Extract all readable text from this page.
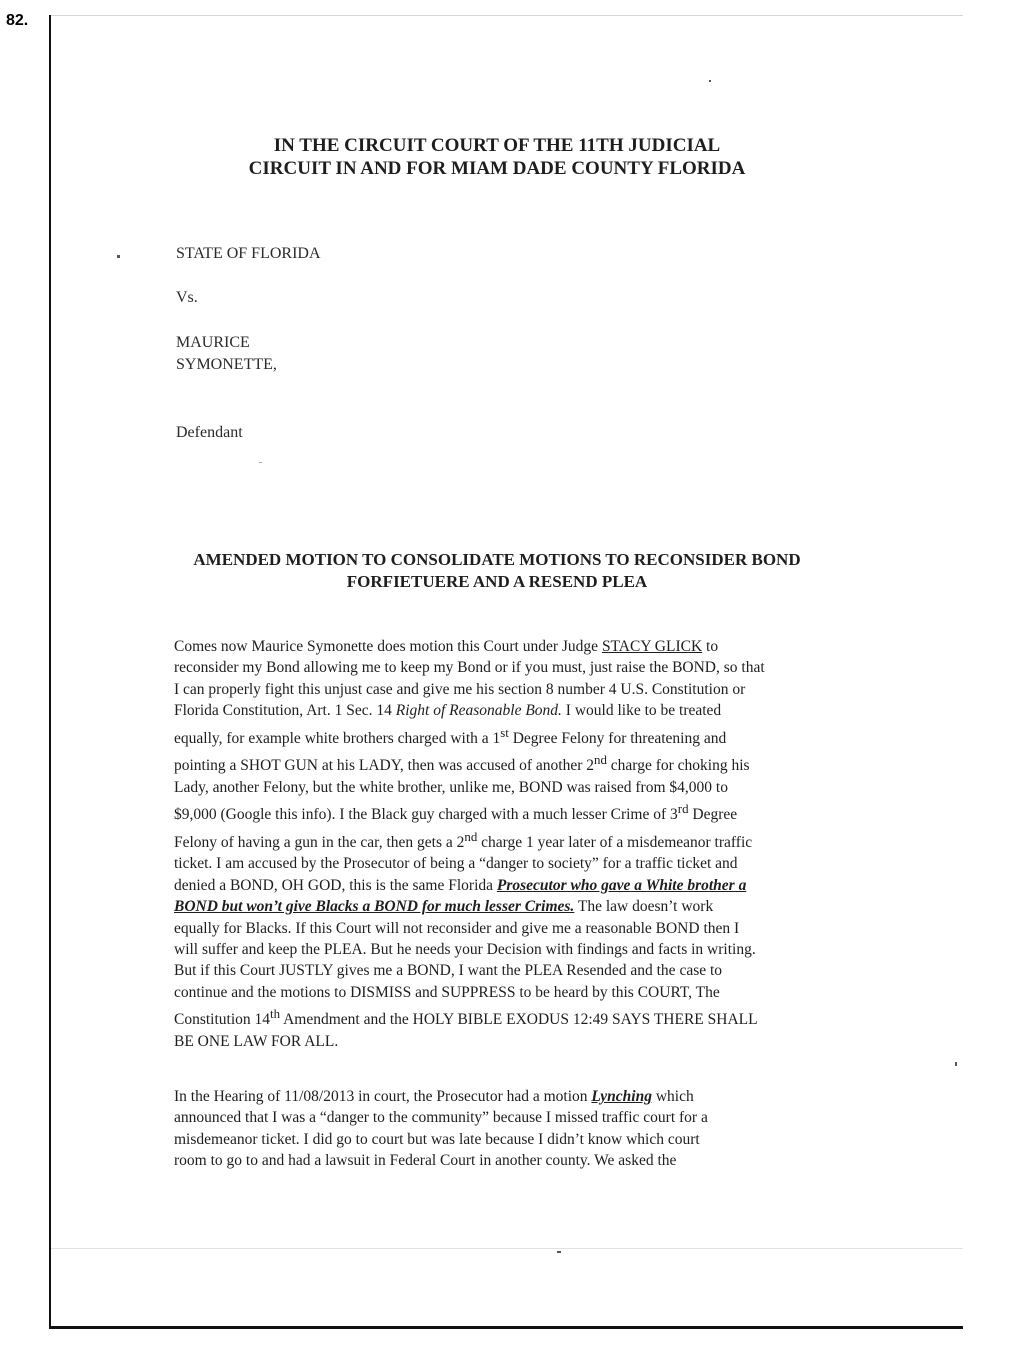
82.
IN THE CIRCUIT COURT OF THE 11TH JUDICIAL
CIRCUIT IN AND FOR MIAM DADE COUNTY FLORIDA
STATE OF FLORIDA
Vs.
MAURICE
SYMONETTE,
Defendant
AMENDED MOTION TO CONSOLIDATE MOTIONS TO RECONSIDER BOND
FORFIETUERE AND A RESEND PLEA
Comes now Maurice Symonette does motion this Court under Judge STACY GLICK to
reconsider my Bond allowing me to keep my Bond or if you must, just raise the BOND, so that
I can properly fight this unjust case and give me his section 8 number 4 U.S. Constitution or
Florida Constitution, Art. 1 Sec. 14 Right of Reasonable Bond. I would like to be treated
equally, for example white brothers charged with a 1st Degree Felony for threatening and
pointing a SHOT GUN at his LADY, then was accused of another 2nd charge for choking his
Lady, another Felony, but the white brother, unlike me, BOND was raised from $4,000 to
$9,000 (Google this info). I the Black guy charged with a much lesser Crime of 3rd Degree
Felony of having a gun in the car, then gets a 2nd charge 1 year later of a misdemeanor traffic
ticket. I am accused by the Prosecutor of being a “danger to society” for a traffic ticket and
denied a BOND, OH GOD, this is the same Florida Prosecutor who gave a White brother a
BOND but won’t give Blacks a BOND for much lesser Crimes. The law doesn’t work
equally for Blacks. If this Court will not reconsider and give me a reasonable BOND then I
will suffer and keep the PLEA. But he needs your Decision with findings and facts in writing.
But if this Court JUSTLY gives me a BOND, I want the PLEA Resended and the case to
continue and the motions to DISMISS and SUPPRESS to be heard by this COURT, The
Constitution 14th Amendment and the HOLY BIBLE EXODUS 12:49 SAYS THERE SHALL
BE ONE LAW FOR ALL.
In the Hearing of 11/08/2013 in court, the Prosecutor had a motion Lynching which
announced that I was a “danger to the community” because I missed traffic court for a
misdemeanor ticket. I did go to court but was late because I didn’t know which court
room to go to and had a lawsuit in Federal Court in another county. We asked the
